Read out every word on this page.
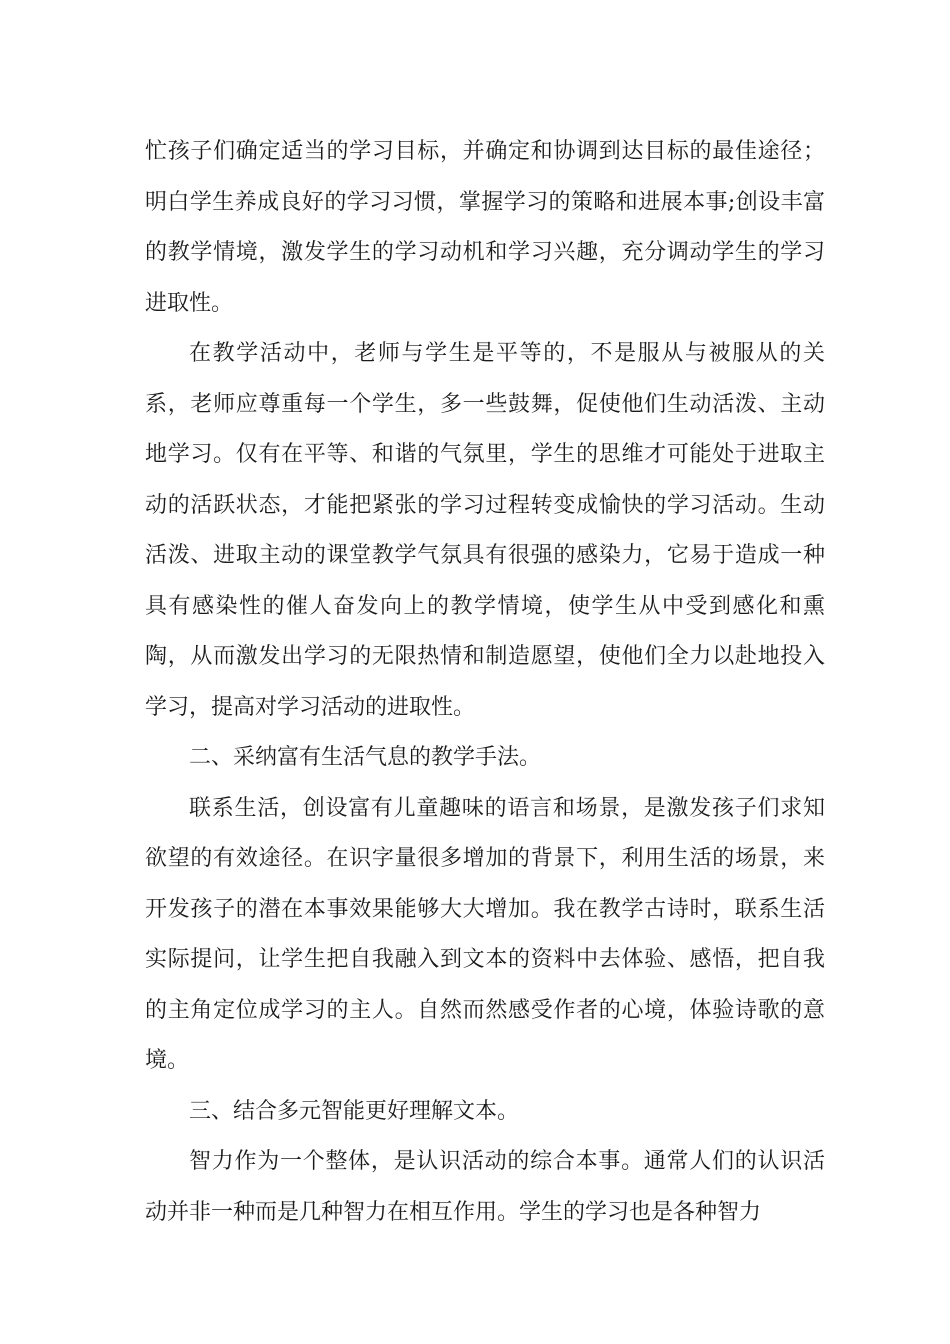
忙孩子们确定适当的学习目标，并确定和协调到达目标的最佳途径；明白学生养成良好的学习习惯，掌握学习的策略和进展本事;创设丰富的教学情境，激发学生的学习动机和学习兴趣，充分调动学生的学习进取性。

在教学活动中，老师与学生是平等的，不是服从与被服从的关系，老师应尊重每一个学生，多一些鼓舞，促使他们生动活泼、主动地学习。仅有在平等、和谐的气氛里，学生的思维才可能处于进取主动的活跃状态，才能把紧张的学习过程转变成愉快的学习活动。生动活泼、进取主动的课堂教学气氛具有很强的感染力，它易于造成一种具有感染性的催人奋发向上的教学情境，使学生从中受到感化和熏陶，从而激发出学习的无限热情和制造愿望，使他们全力以赴地投入学习，提高对学习活动的进取性。

二、采纳富有生活气息的教学手法。

联系生活，创设富有儿童趣味的语言和场景，是激发孩子们求知欲望的有效途径。在识字量很多增加的背景下，利用生活的场景，来开发孩子的潜在本事效果能够大大增加。我在教学古诗时，联系生活实际提问，让学生把自我融入到文本的资料中去体验、感悟，把自我的主角定位成学习的主人。自然而然感受作者的心境，体验诗歌的意境。

三、结合多元智能更好理解文本。

智力作为一个整体，是认识活动的综合本事。通常人们的认识活动并非一种而是几种智力在相互作用。学生的学习也是各种智力
